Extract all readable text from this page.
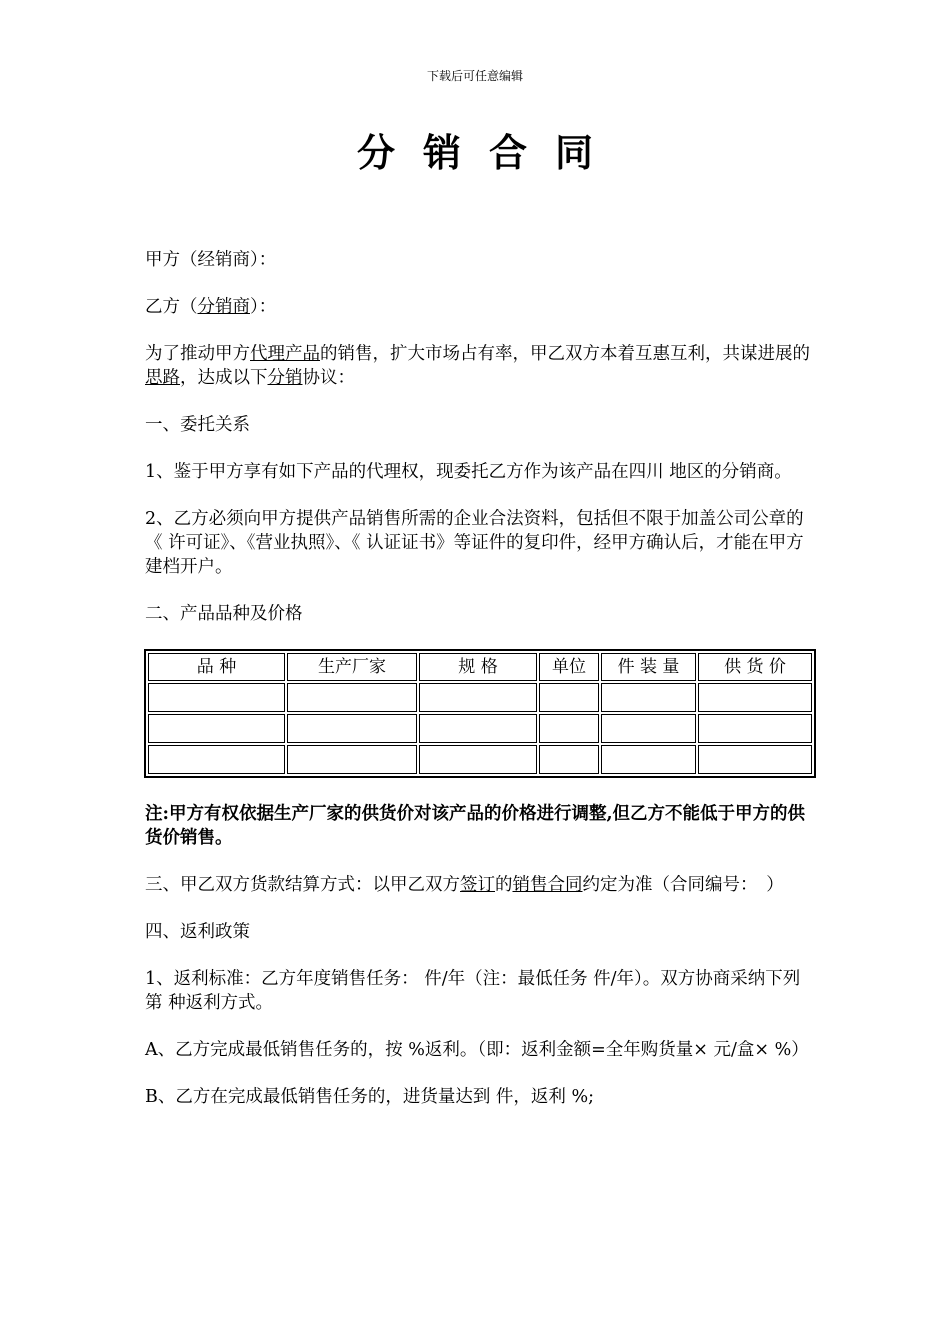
下载后可任意编辑
分销合同

甲方（经销商）：

乙方（分销商）：

为了推动甲方代理产品的销售，扩大市场占有率，甲乙双方本着互惠互利，共谋进展的思路，达成以下分销协议：

一、委托关系

1、鉴于甲方享有如下产品的代理权，现委托乙方作为该产品在四川 地区的分销商。

2、乙方必须向甲方提供产品销售所需的企业合法资料，包括但不限于加盖公司公章的《 许可证》、《营业执照》、《 认证证书》等证件的复印件，经甲方确认后，才能在甲方建档开户。

二、产品品种及价格

品 种	生产厂家	规 格	单位	件 装 量	供 货 价

注:甲方有权依据生产厂家的供货价对该产品的价格进行调整,但乙方不能低于甲方的供货价销售。

三、甲乙双方货款结算方式：以甲乙双方签订的销售合同约定为准（合同编号：　）

四、返利政策

1、返利标准：乙方年度销售任务： 件/年（注：最低任务 件/年）。双方协商采纳下列第 种返利方式。

A、乙方完成最低销售任务的，按 %返利。（即：返利金额=全年购货量× 元/盒× %）

B、乙方在完成最低销售任务的，进货量达到 件，返利 %;
